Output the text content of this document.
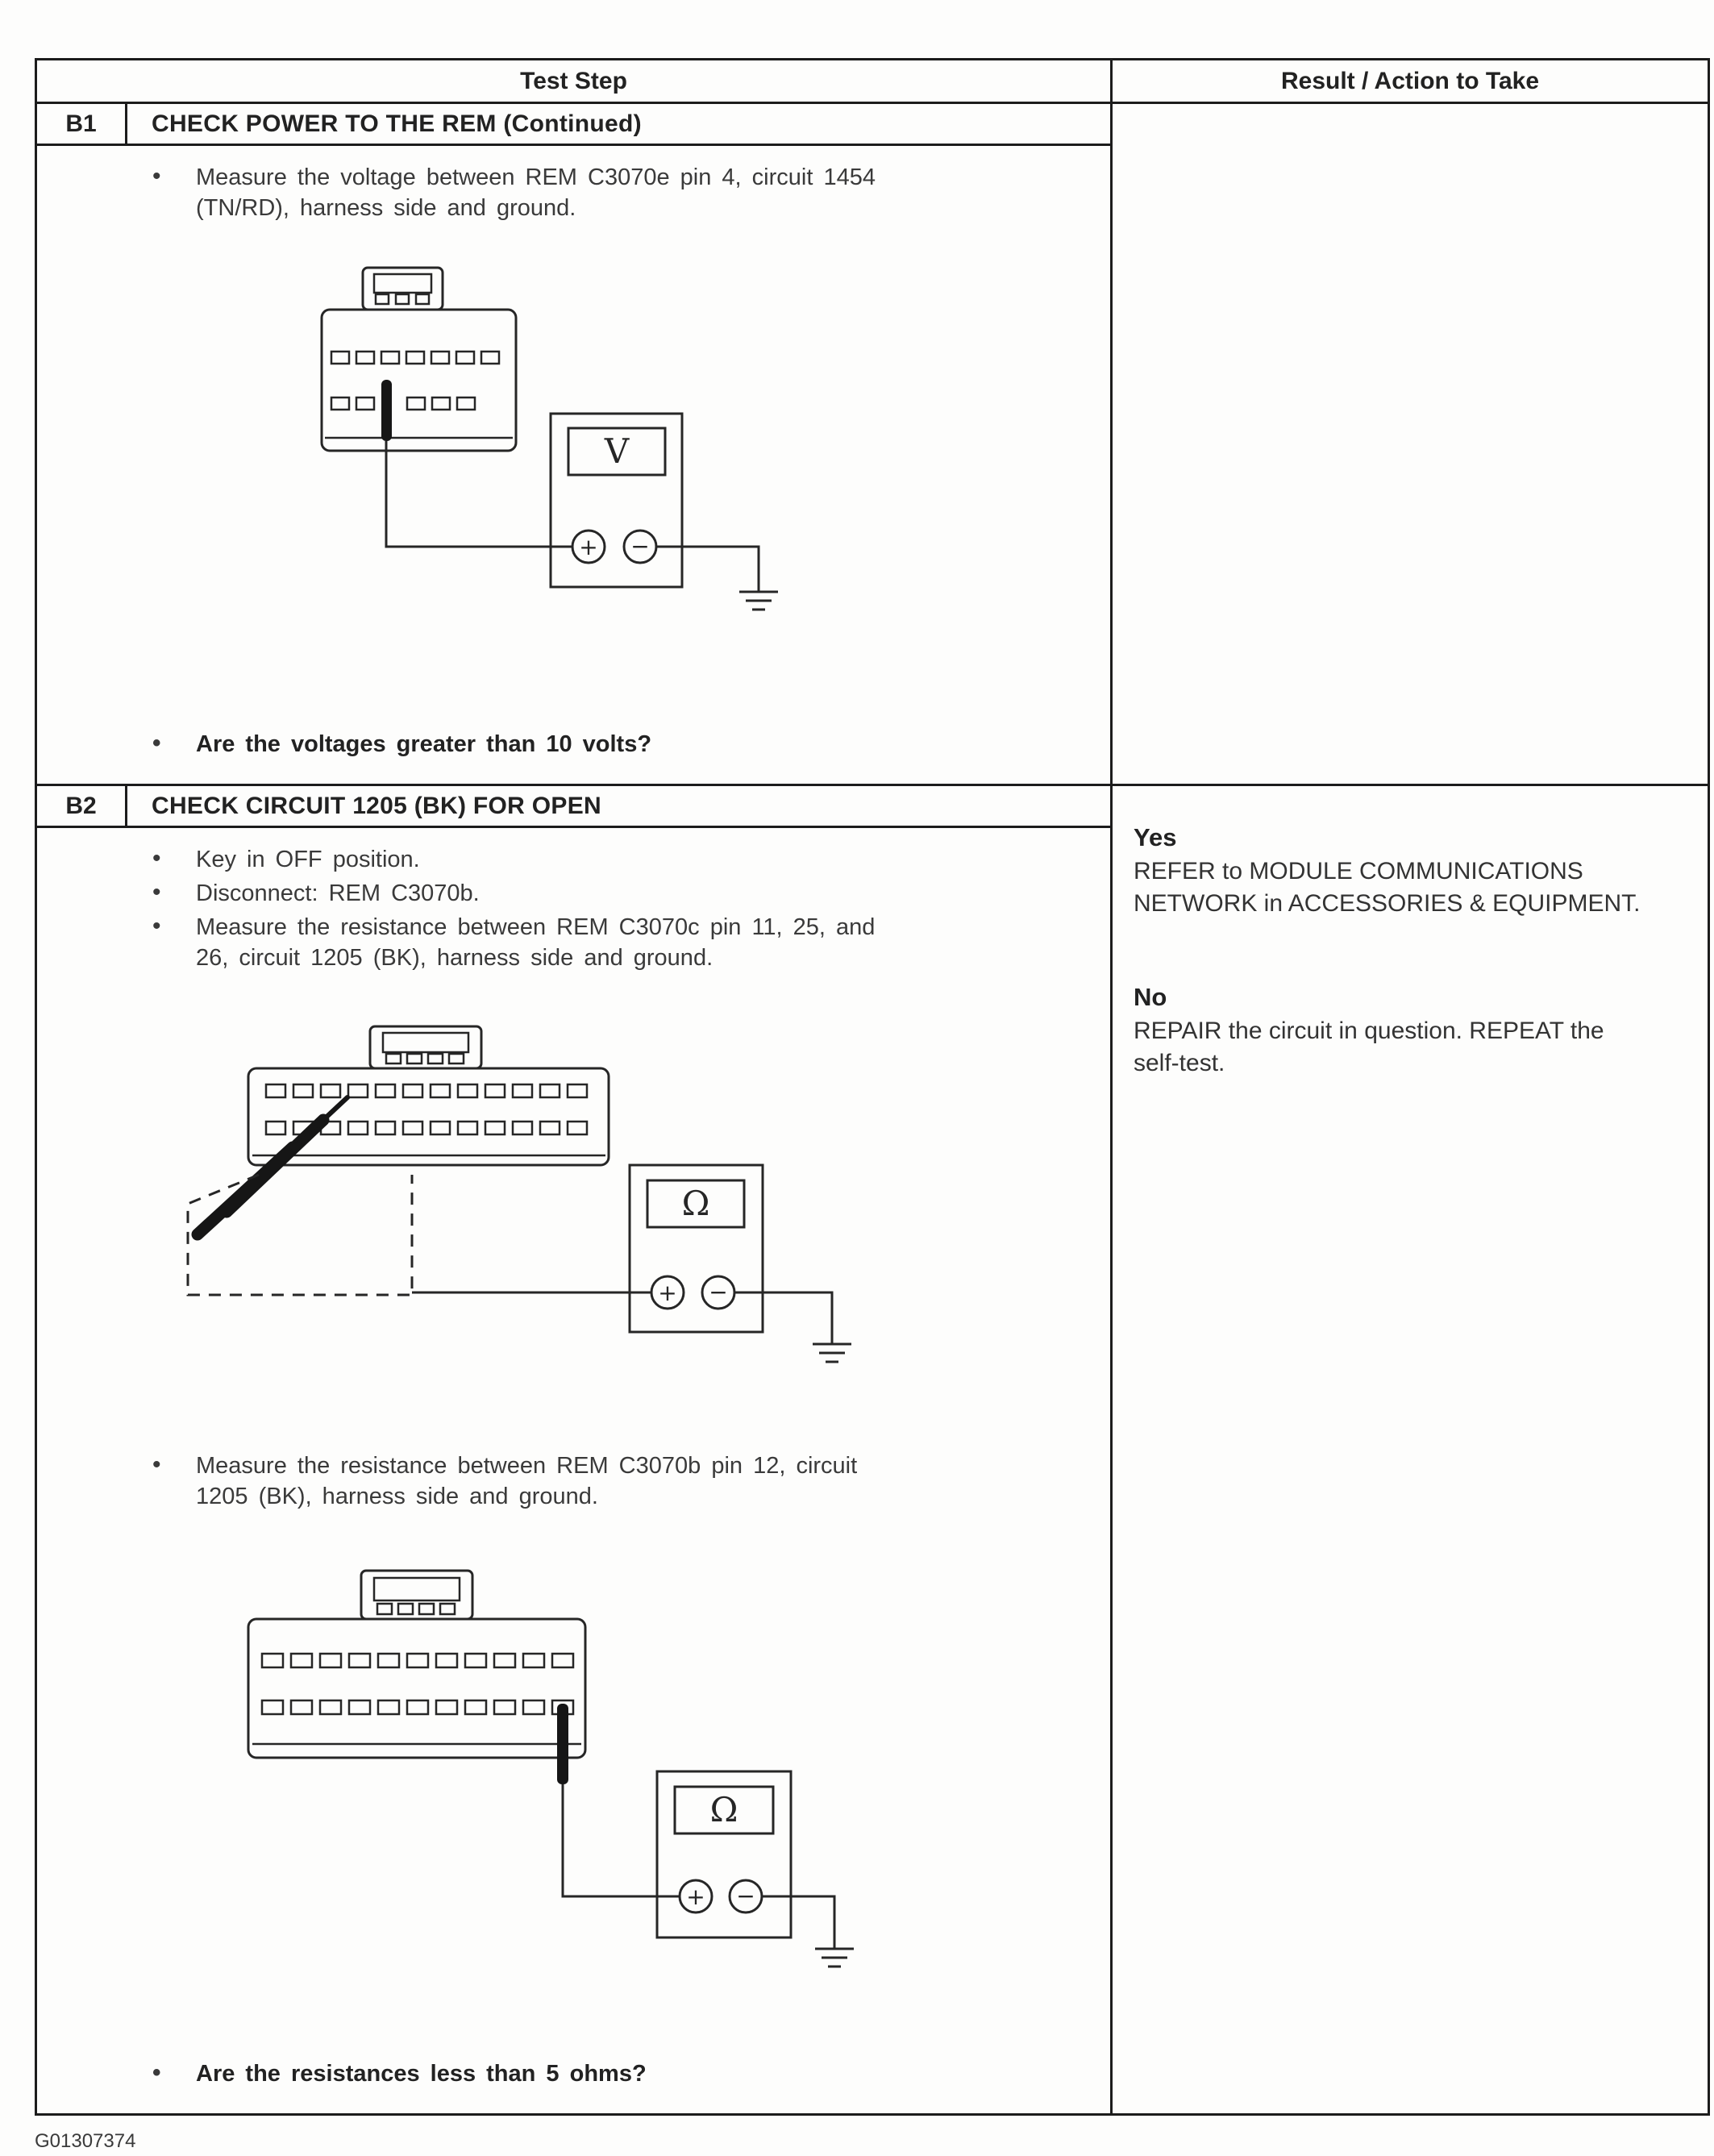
Test Step	Result / Action to Take
B1	CHECK POWER TO THE REM (Continued)
• Measure the voltage between REM C3070e pin 4, circuit 1454 (TN/RD), harness side and ground.
V
+ −
• Are the voltages greater than 10 volts?
B2	CHECK CIRCUIT 1205 (BK) FOR OPEN
• Key in OFF position.
• Disconnect: REM C3070b.
• Measure the resistance between REM C3070c pin 11, 25, and 26, circuit 1205 (BK), harness side and ground.
Ω
+ −
• Measure the resistance between REM C3070b pin 12, circuit 1205 (BK), harness side and ground.
Ω
+ −
• Are the resistances less than 5 ohms?
Yes
REFER to MODULE COMMUNICATIONS NETWORK in ACCESSORIES & EQUIPMENT.
No
REPAIR the circuit in question. REPEAT the self-test.
G01307374
